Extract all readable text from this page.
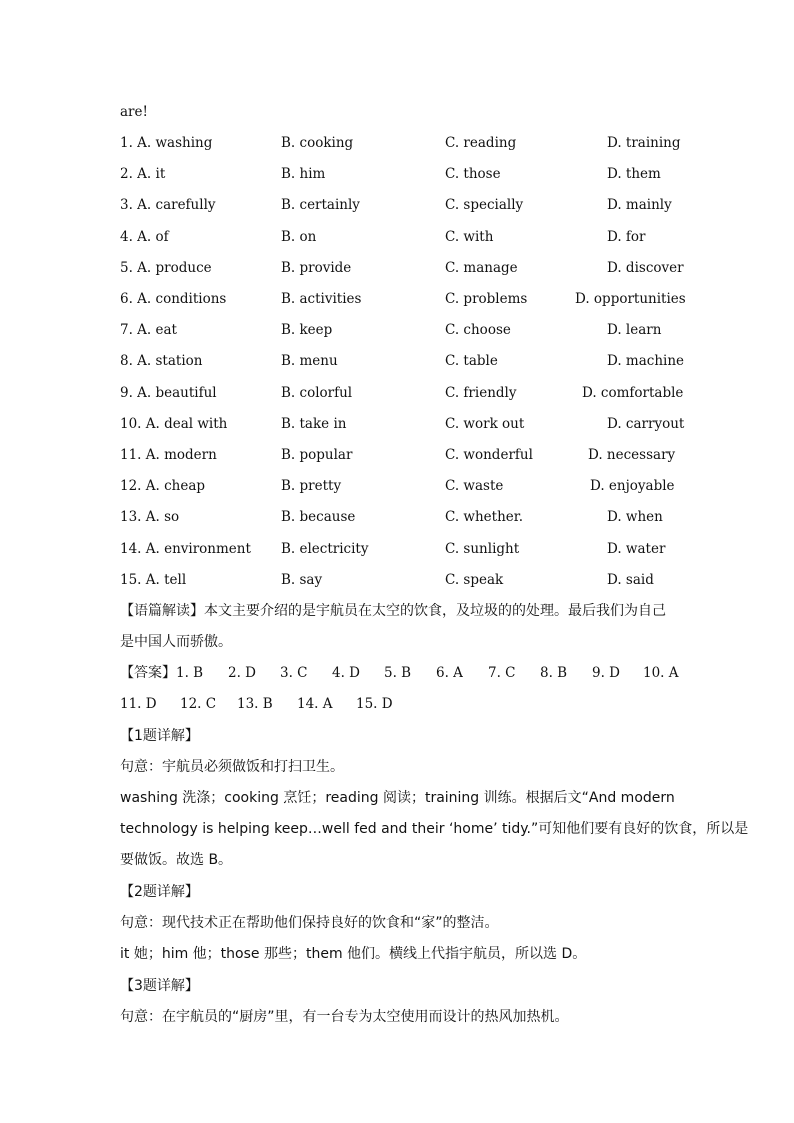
are!
1. A. washing	B. cooking	C. reading	D. training
2. A. it	B. him	C. those	D. them
3. A. carefully	B. certainly	C. specially	D. mainly
4. A. of	B. on	C. with	D. for
5. A. produce	B. provide	C. manage	D. discover
6. A. conditions	B. activities	C. problems	D. opportunities
7. A. eat	B. keep	C. choose	D. learn
8. A. station	B. menu	C. table	D. machine
9. A. beautiful	B. colorful	C. friendly	D. comfortable
10. A. deal with	B. take in	C. work out	D. carryout
11. A. modern	B. popular	C. wonderful	D. necessary
12. A. cheap	B. pretty	C. waste	D. enjoyable
13. A. so	B. because	C. whether.	D. when
14. A. environment B. electricity	C. sunlight	D. water
15. A. tell	B. say	C. speak	D. said
【语篇解读】本文主要介绍的是宇航员在太空的饮食，及垃圾的的处理。最后我们为自己
是中国人而骄傲。
【答案】 1. B 2. D 3. C 4. D 5. B 6. A 7. C 8. B 9. D 10. A
11. D 12. C 13. B 14. A 15. D
【1题详解】
句意：宇航员必须做饭和打扫卫生。
washing 洗涤；cooking 烹饪；reading 阅读；training 训练。根据后文“And modern
technology is helping keep…well fed and their ‘home’ tidy.”可知他们要有良好的饮食，所以是
要做饭。故选 B。
【2题详解】
句意：现代技术正在帮助他们保持良好的饮食和“家”的整洁。
it 她；him 他；those 那些；them 他们。横线上代指宇航员，所以选 D。
【3题详解】
句意：在宇航员的“厨房”里，有一台专为太空使用而设计的热风加热机。
